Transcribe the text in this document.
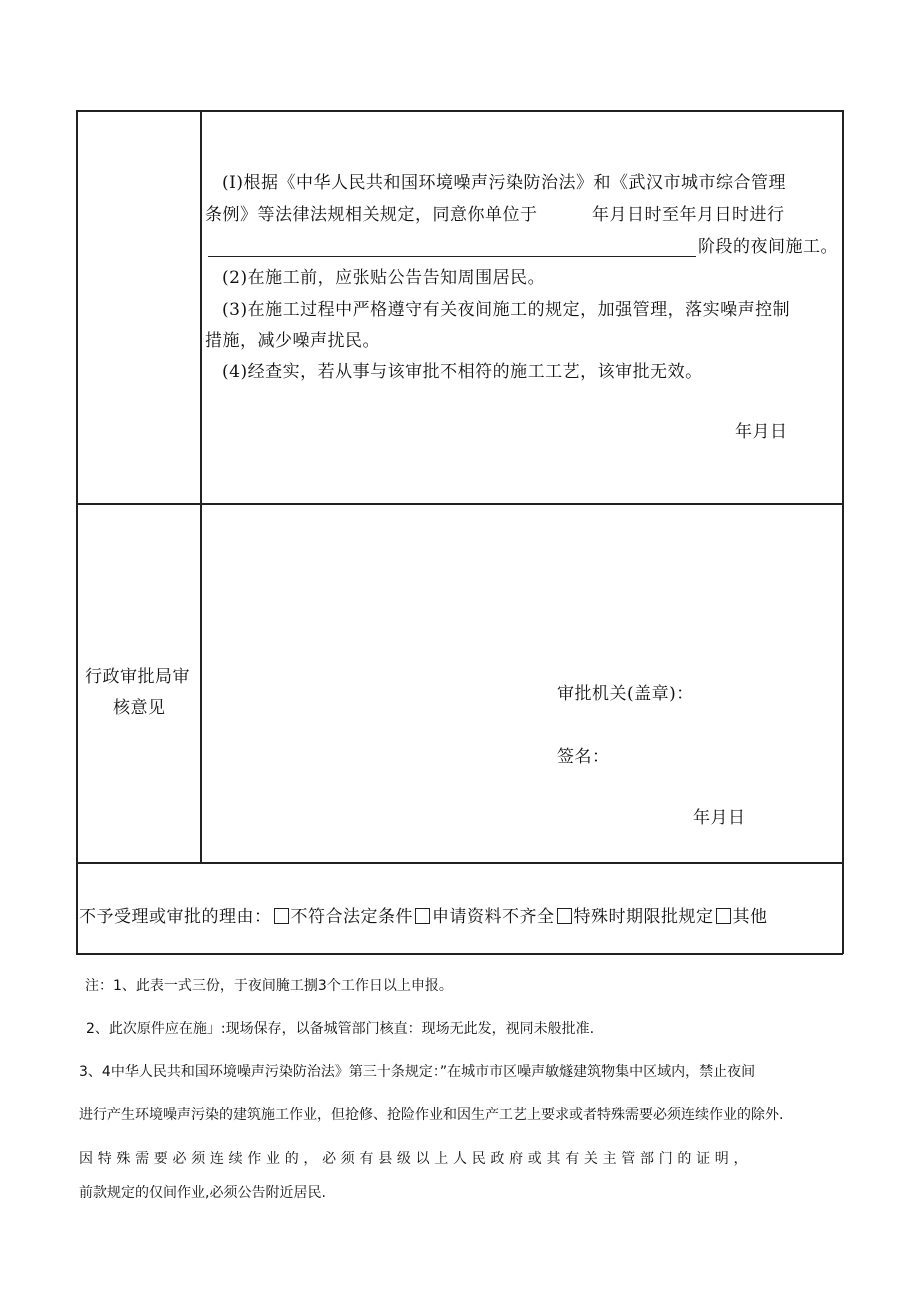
(I)根据《中华人民共和国环境噪声污染防治法》和《武汉市城市综合管理
条例》等法律法规相关规定，同意你单位于	年月日时至年月日时进行
阶段的夜间施工。
(2)在施工前，应张贴公告告知周围居民。
(3)在施工过程中严格遵守有关夜间施工的规定，加强管理，落实噪声控制
措施，减少噪声扰民。
(4)经查实，若从事与该审批不相符的施工工艺，该审批无效。
年月日
行政审批局审
核意见
审批机关(盖章)：
签名：
年月日
不予受理或审批的理由： 不符合法定条件 申请资料不齐全 特殊时期限批规定 其他
注：1、此表一式三份，于夜间腌工捌3个工作日以上申报。
2、此次原件应在施」:现场保存，以备城管部门核直：现场无此发，视同未般批准.
3、4中华人民共和国环境噪声污染防治法》第三十条规定：”在城市市区噪声敏燧建筑物集中区域内，禁止夜间
进行产生环境噪声污染的建筑施工作业，但抢修、抢险作业和因生产工艺上要求或者特殊需要必须连续作业的除外.
因特殊需要必须连续作业的，必须有县级以上人民政府或其有关主管部门的证明，
前款规定的仅间作业,必须公告附近居民.
